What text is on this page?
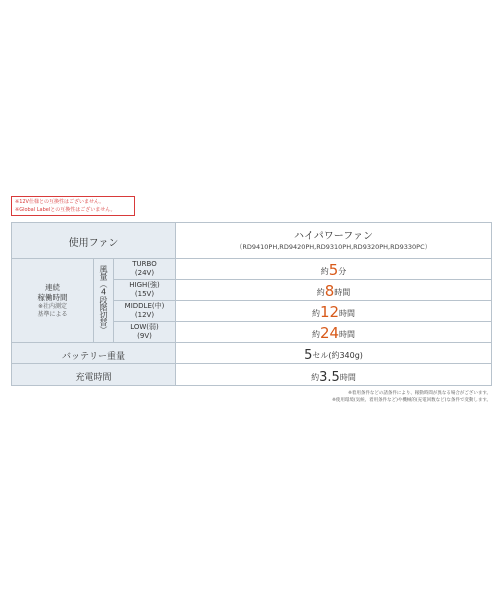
※12V仕様との互換性はございません。
※Global Labelとの互換性はございません。
使用ファン			ハイパワーファン
（RD9410PH,RD9420PH,RD9310PH,RD9320PH,RD9330PC）

連続
稼働時間
※社内測定
基準による	風量（4段階切替）	TURBO
(24V)	約5分

		HIGH(強)
(15V)	約8時間

		MIDDLE(中)
(12V)	約12時間

		LOW(弱)
(9V)	約24時間
バッテリー重量			5セル(約340g)
充電時間			約3.5時間
※着用条件などの諸条件により、稼動時間が異なる場合がございます。
※使用環境(気候、着用条件など)や機械的(充電回数など)な条件で変動します。
